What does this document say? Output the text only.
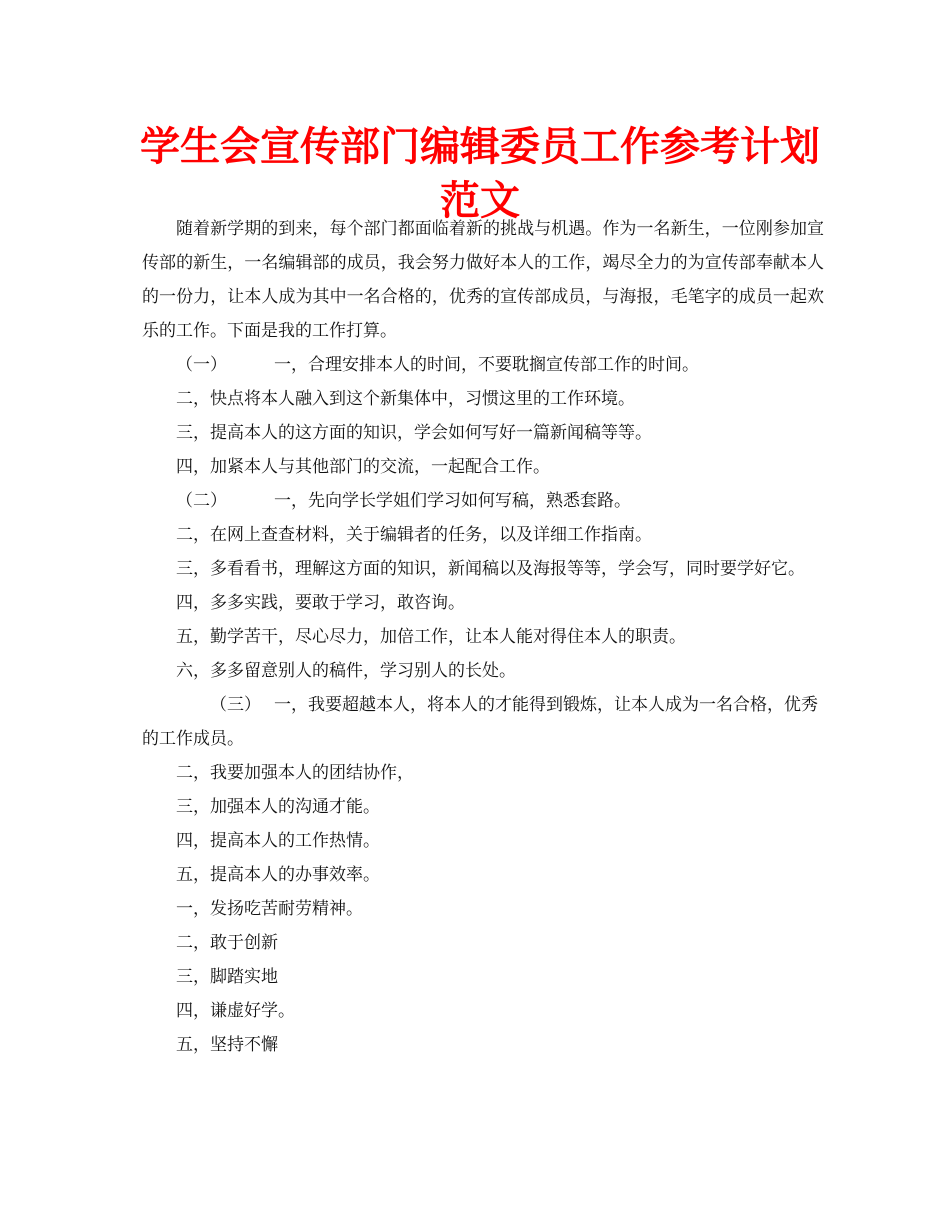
学生会宣传部门编辑委员工作参考计划范文

随着新学期的到来，每个部门都面临着新的挑战与机遇。作为一名新生，一位刚参加宣传部的新生，一名编辑部的成员，我会努力做好本人的工作，竭尽全力的为宣传部奉献本人的一份力，让本人成为其中一名合格的，优秀的宣传部成员，与海报，毛笔字的成员一起欢乐的工作。下面是我的工作打算。

（一）	一，合理安排本人的时间，不要耽搁宣传部工作的时间。

二，快点将本人融入到这个新集体中，习惯这里的工作环境。

三，提高本人的这方面的知识，学会如何写好一篇新闻稿等等。

四，加紧本人与其他部门的交流，一起配合工作。

（二）	一，先向学长学姐们学习如何写稿，熟悉套路。

二，在网上查查材料，关于编辑者的任务，以及详细工作指南。

三，多看看书，理解这方面的知识，新闻稿以及海报等等，学会写，同时要学好它。

四，多多实践，要敢于学习，敢咨询。

五，勤学苦干，尽心尽力，加倍工作，让本人能对得住本人的职责。

六，多多留意别人的稿件，学习别人的长处。

（三） 一，我要超越本人，将本人的才能得到锻炼，让本人成为一名合格，优秀的工作成员。

二，我要加强本人的团结协作，

三，加强本人的沟通才能。

四，提高本人的工作热情。

五，提高本人的办事效率。

一，发扬吃苦耐劳精神。

二，敢于创新

三，脚踏实地

四，谦虚好学。

五，坚持不懈
